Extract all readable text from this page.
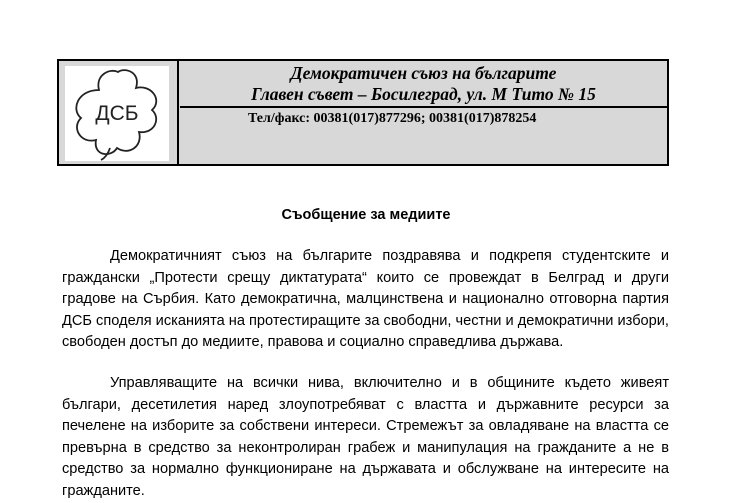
ДСБ
Демократичен съюз на българите
Главен съвет – Босилеград, ул. М Тито № 15
Тел/факс: 00381(017)877296; 00381(017)878254
Съобщение за медиите

Демократичният съюз на българите поздравява и подкрепя студентските и граждански „Протести срещу диктатурата“ които се провеждат в Белград и други градове на Сърбия. Като демократична, малцинствена и национално отговорна партия ДСБ споделя исканията на протестиращите за свободни, честни и демократични избори, свободен достъп до медиите, правова и социално справедлива държава.

Управляващите на всички нива, включително и в общините където живеят българи, десетилетия наред злоупотребяват с властта и държавните ресурси за печелене на изборите за собствени интереси. Стремежът за овладяване на властта се превърна в средство за неконтролиран грабеж и манипулация на гражданите а не в средство за нормално функциониране на държавата и обслужване на интересите на гражданите.
